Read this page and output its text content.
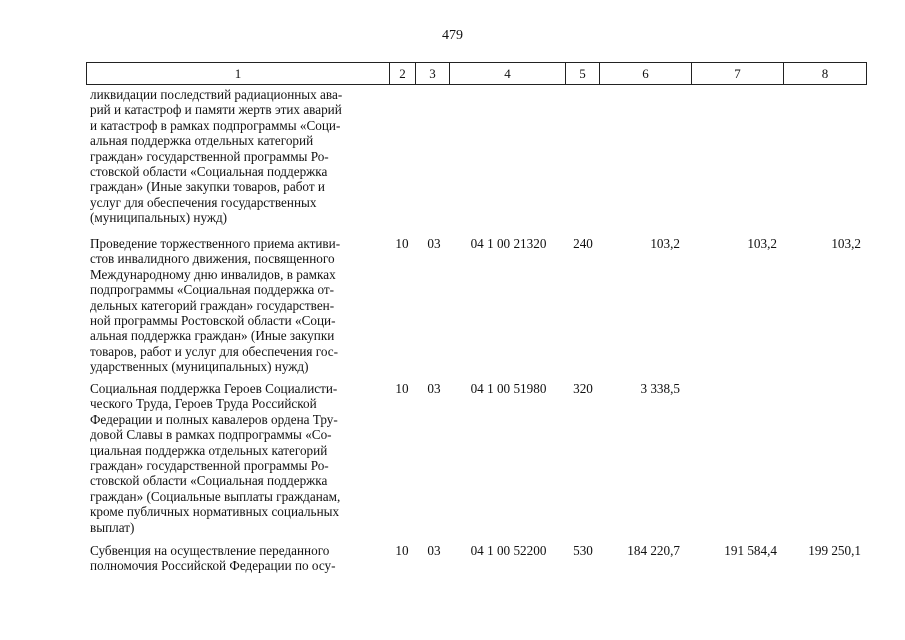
479
1	2	3	4	5	6	7	8
ликвидации последствий радиационных ава-
рий и катастроф и памяти жертв этих аварий
и катастроф в рамках подпрограммы «Соци-
альная поддержка отдельных категорий
граждан» государственной программы Ро-
стовской области «Социальная поддержка
граждан» (Иные закупки товаров, работ и
услуг для обеспечения государственных
(муниципальных) нужд)
Проведение торжественного приема активи-
стов инвалидного движения, посвященного
Международному дню инвалидов, в рамках
подпрограммы «Социальная поддержка от-
дельных категорий граждан» государствен-
ной программы Ростовской области «Соци-
альная поддержка граждан» (Иные закупки
товаров, работ и услуг для обеспечения гос-
ударственных (муниципальных) нужд)
10	03	04 1 00 21320	240	103,2	103,2	103,2
Социальная поддержка Героев Социалисти-
ческого Труда, Героев Труда Российской
Федерации и полных кавалеров ордена Тру-
довой Славы в рамках подпрограммы «Со-
циальная поддержка отдельных категорий
граждан» государственной программы Ро-
стовской области «Социальная поддержка
граждан» (Социальные выплаты гражданам,
кроме публичных нормативных социальных
выплат)
10	03	04 1 00 51980	320	3 338,5
Субвенция на осуществление переданного
полномочия Российской Федерации по осу-
10	03	04 1 00 52200	530	184 220,7	191 584,4	199 250,1
